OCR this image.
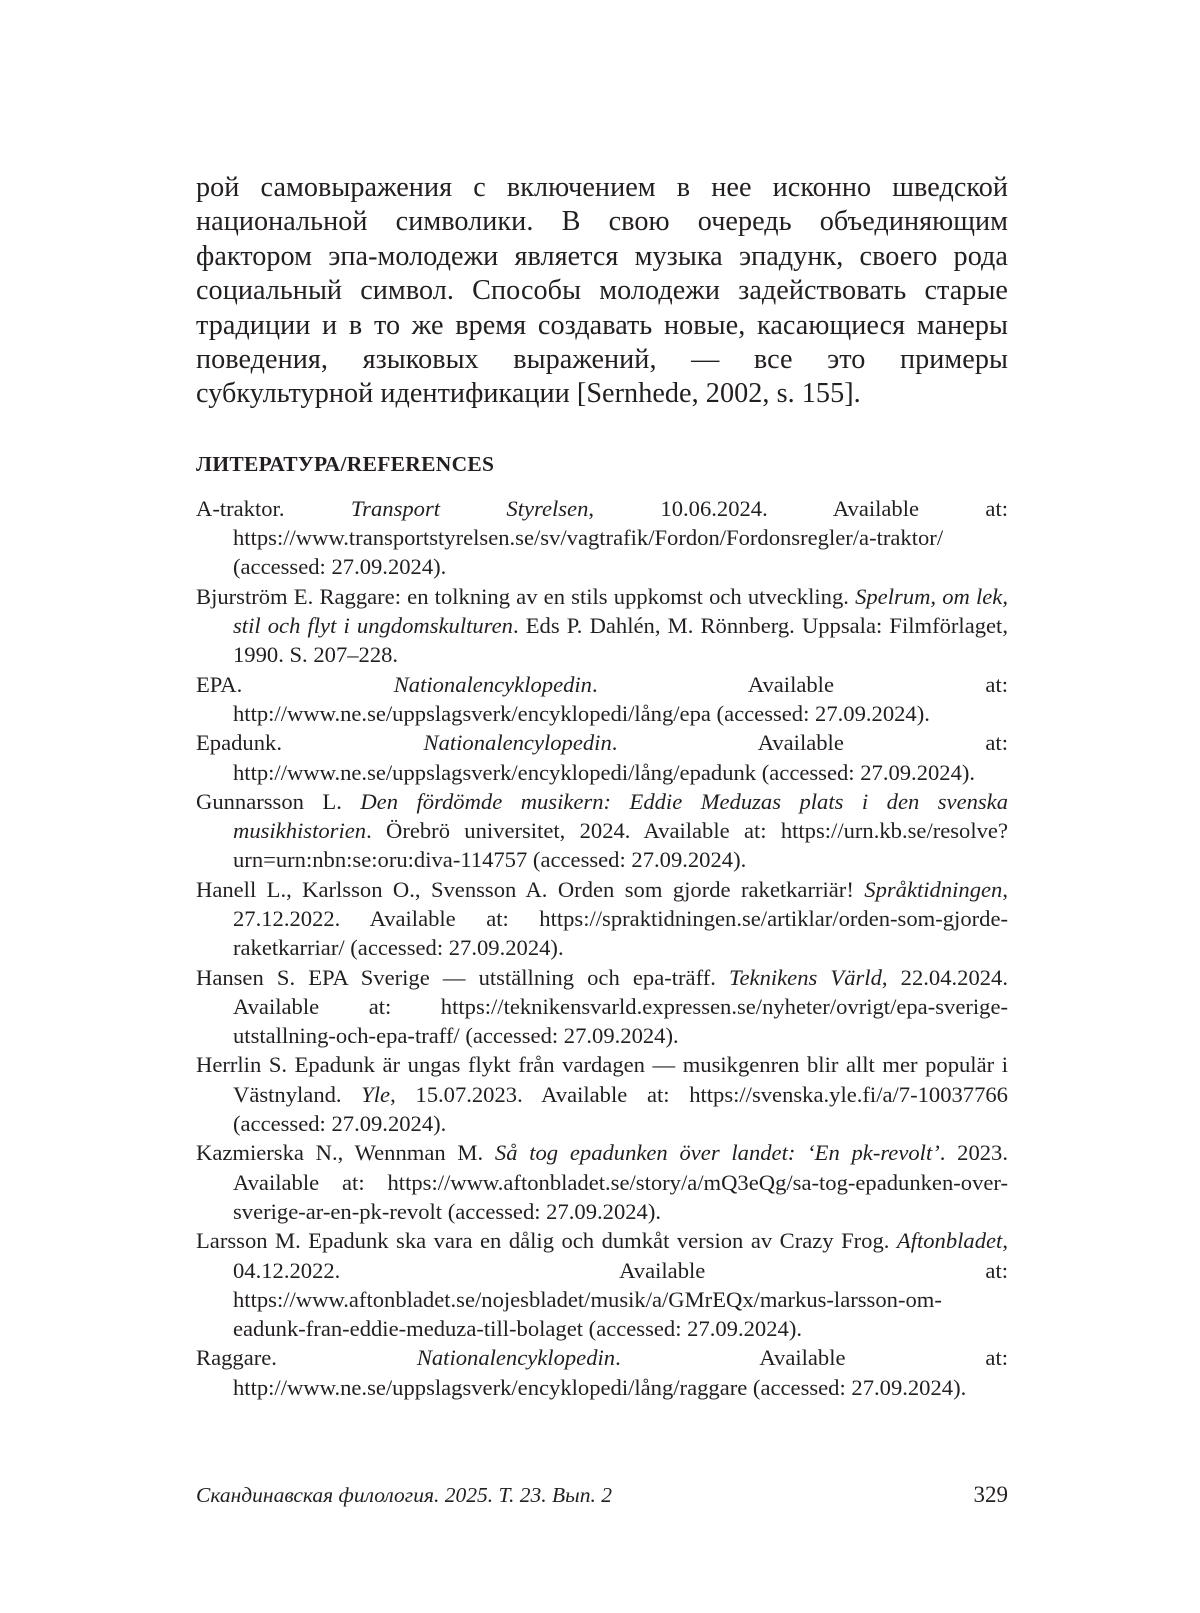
рой самовыражения с включением в нее исконно шведской национальной символики. В свою очередь объединяющим фактором эпа-молодежи является музыка эпадунк, своего рода социальный символ. Способы молодежи задействовать старые традиции и в то же время создавать новые, касающиеся манеры поведения, языковых выражений, — все это примеры субкультурной идентификации [Sernhede, 2002, s. 155].

ЛИТЕРАТУРА/REFERENCES
A-traktor. Transport Styrelsen, 10.06.2024. Available at: https://www.transportstyrelsen.se/sv/vagtrafik/Fordon/Fordonsregler/a-traktor/ (accessed: 27.09.2024).
Bjurström E. Raggare: en tolkning av en stils uppkomst och utveckling. Spelrum, om lek, stil och flyt i ungdomskulturen. Eds P. Dahlén, M. Rönnberg. Uppsala: Filmförlaget, 1990. S. 207–228.
EPA. Nationalencyklopedin. Available at: http://www.ne.se/uppslagsverk/encyklopedi/lång/epa (accessed: 27.09.2024).
Epadunk. Nationalencylopedin. Available at: http://www.ne.se/uppslagsverk/encyklopedi/lång/epadunk (accessed: 27.09.2024).
Gunnarsson L. Den fördömde musikern: Eddie Meduzas plats i den svenska musikhistorien. Örebrö universitet, 2024. Available at: https://urn.kb.se/resolve?urn=urn:nbn:se:oru:diva-114757 (accessed: 27.09.2024).
Hanell L., Karlsson O., Svensson A. Orden som gjorde raketkarriär! Språktidningen, 27.12.2022. Available at: https://spraktidningen.se/artiklar/orden-som-gjorde-raketkarriar/ (accessed: 27.09.2024).
Hansen S. EPA Sverige — utställning och epa-träff. Teknikens Värld, 22.04.2024. Available at: https://teknikensvarld.expressen.se/nyheter/ovrigt/epa-sverige-utstallning-och-epa-traff/ (accessed: 27.09.2024).
Herrlin S. Epadunk är ungas flykt från vardagen — musikgenren blir allt mer populär i Västnyland. Yle, 15.07.2023. Available at: https://svenska.yle.fi/a/7-10037766 (accessed: 27.09.2024).
Kazmierska N., Wennman M. Så tog epadunken över landet: ‘En pk-revolt’. 2023. Available at: https://www.aftonbladet.se/story/a/mQ3eQg/sa-tog-epadunken-over-sverige-ar-en-pk-revolt (accessed: 27.09.2024).
Larsson M. Epadunk ska vara en dålig och dumkåt version av Crazy Frog. Aftonbladet, 04.12.2022. Available at: https://www.aftonbladet.se/nojesbladet/musik/a/GMrEQx/markus-larsson-om-eadunk-fran-eddie-meduza-till-bolaget (accessed: 27.09.2024).
Raggare. Nationalencyklopedin. Available at: http://www.ne.se/uppslagsverk/encyklopedi/lång/raggare (accessed: 27.09.2024).
Скандинавская филология. 2025. Т. 23. Вып. 2	329
